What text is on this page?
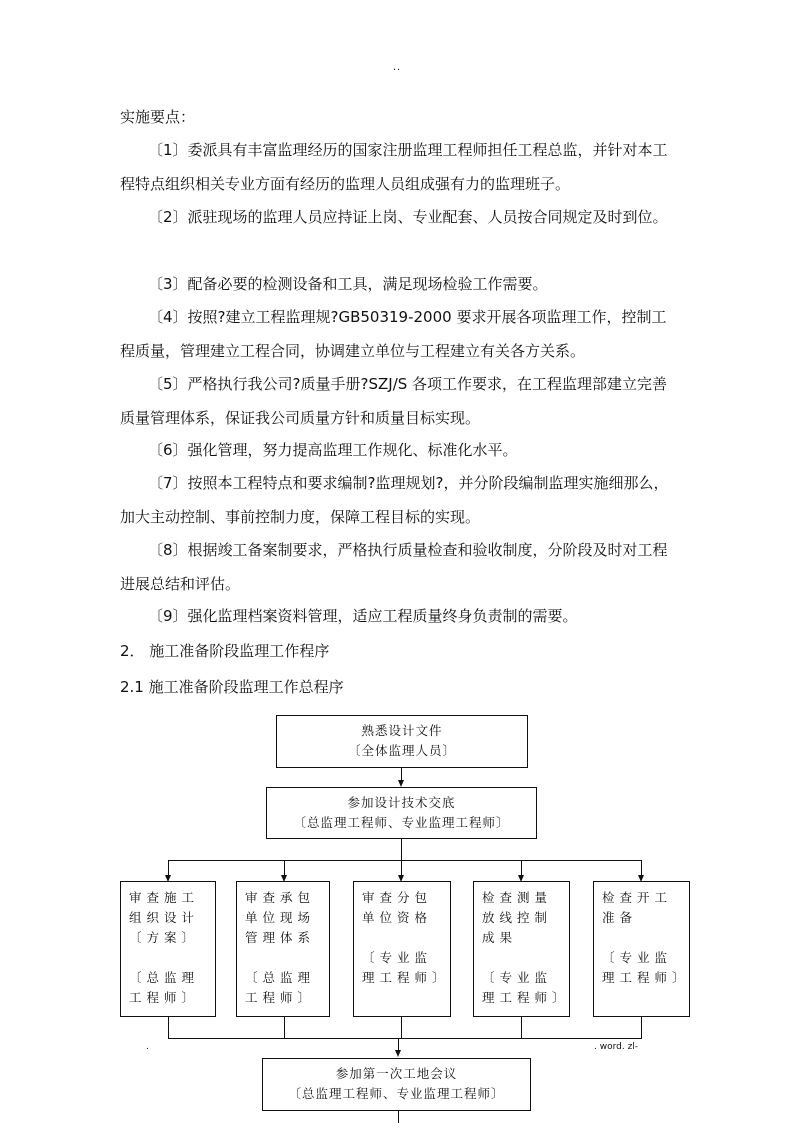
..
实施要点：
〔1〕委派具有丰富监理经历的国家注册监理工程师担任工程总监，并针对本工程特点组织相关专业方面有经历的监理人员组成强有力的监理班子。
〔2〕派驻现场的监理人员应持证上岗、专业配套、人员按合同规定及时到位。
〔3〕配备必要的检测设备和工具，满足现场检验工作需要。
〔4〕按照?建立工程监理规?GB50319-2000 要求开展各项监理工作，控制工程质量，管理建立工程合同，协调建立单位与工程建立有关各方关系。
〔5〕严格执行我公司?质量手册?SZJ/S 各项工作要求，在工程监理部建立完善质量管理体系，保证我公司质量方针和质量目标实现。
〔6〕强化管理，努力提高监理工作规化、标准化水平。
〔7〕按照本工程特点和要求编制?监理规划?，并分阶段编制监理实施细那么，加大主动控制、事前控制力度，保障工程目标的实现。
〔8〕根据竣工备案制要求，严格执行质量检查和验收制度，分阶段及时对工程进展总结和评估。
〔9〕强化监理档案资料管理，适应工程质量终身负责制的需要。
2． 施工准备阶段监理工作程序
2.1 施工准备阶段监理工作总程序
熟悉设计文件
〔全体监理人员〕
参加设计技术交底
〔总监理工程师、专业监理工程师〕
审查施工
组织设计
〔方案〕
〔总监理
工程师〕
审查承包
单位现场
管理体系
〔总监理
工程师〕
审查分包
单位资格
〔专业监
理工程师〕
检查测量
放线控制
成果
〔专业监
理工程师〕
检查开工
准备
〔专业监
理工程师〕
参加第一次工地会议
〔总监理工程师、专业监理工程师〕
.	. word. zl-
